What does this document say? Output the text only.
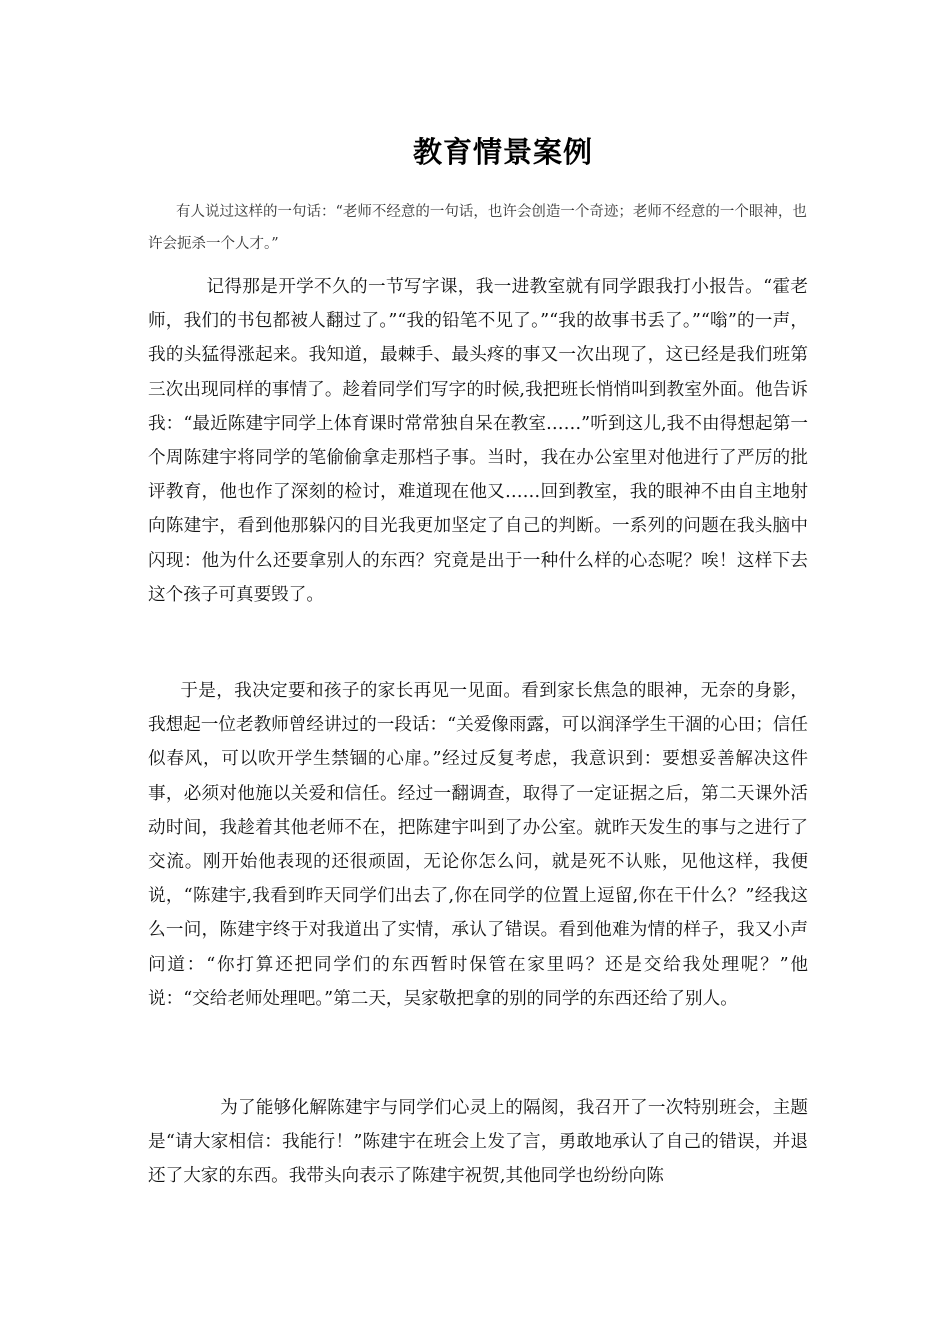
教育情景案例
有人说过这样的一句话：“老师不经意的一句话，也许会创造一个奇迹；老师不经意的一个眼神，也许会扼杀一个人才。”
记得那是开学不久的一节写字课，我一进教室就有同学跟我打小报告。“霍老师，我们的书包都被人翻过了。”“我的铅笔不见了。”“我的故事书丢了。”“嗡”的一声，我的头猛得涨起来。我知道，最棘手、最头疼的事又一次出现了，这已经是我们班第三次出现同样的事情了。趁着同学们写字的时候,我把班长悄悄叫到教室外面。他告诉我：“最近陈建宇同学上体育课时常常独自呆在教室……”听到这儿,我不由得想起第一个周陈建宇将同学的笔偷偷拿走那档子事。当时，我在办公室里对他进行了严厉的批评教育，他也作了深刻的检讨，难道现在他又……回到教室，我的眼神不由自主地射向陈建宇，看到他那躲闪的目光我更加坚定了自己的判断。一系列的问题在我头脑中闪现：他为什么还要拿别人的东西？究竟是出于一种什么样的心态呢？唉！这样下去这个孩子可真要毁了。
于是，我决定要和孩子的家长再见一见面。看到家长焦急的眼神，无奈的身影，我想起一位老教师曾经讲过的一段话：“关爱像雨露，可以润泽学生干涸的心田；信任似春风，可以吹开学生禁锢的心扉。”经过反复考虑，我意识到：要想妥善解决这件事，必须对他施以关爱和信任。经过一翻调查，取得了一定证据之后，第二天课外活动时间，我趁着其他老师不在，把陈建宇叫到了办公室。就昨天发生的事与之进行了交流。刚开始他表现的还很顽固，无论你怎么问，就是死不认账，见他这样，我便说，“陈建宇,我看到昨天同学们出去了,你在同学的位置上逗留,你在干什么？”经我这么一问，陈建宇终于对我道出了实情，承认了错误。看到他难为情的样子，我又小声问道：“你打算还把同学们的东西暂时保管在家里吗？还是交给我处理呢？”他说：“交给老师处理吧。”第二天，吴家敬把拿的别的同学的东西还给了别人。
为了能够化解陈建宇与同学们心灵上的隔阂，我召开了一次特别班会，主题是“请大家相信：我能行！”陈建宇在班会上发了言，勇敢地承认了自己的错误，并退还了大家的东西。我带头向表示了陈建宇祝贺,其他同学也纷纷向陈
